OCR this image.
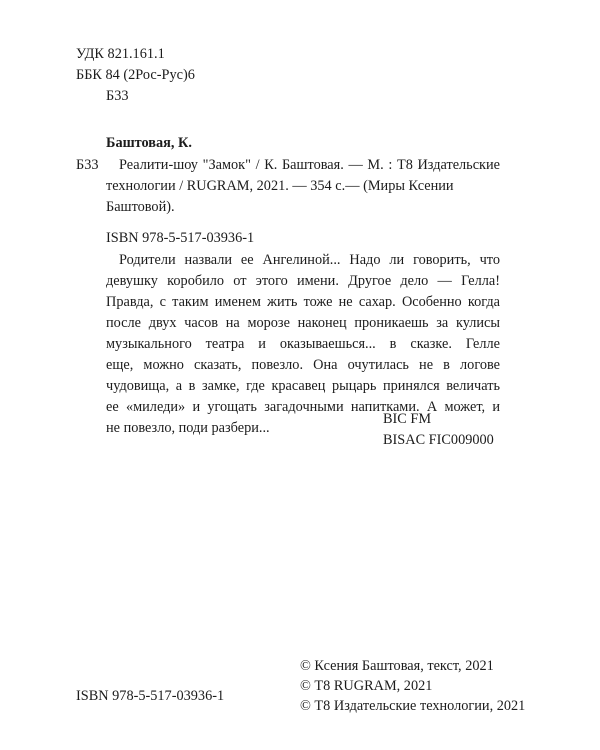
УДК 821.161.1
ББК 84 (2Рос-Рус)6
Б33
Баштовая, К.
Б33 Реалити-шоу "Замок" / К. Баштовая. — М. : Т8 Издательские
технологии / RUGRAM, 2021. — 354 с.— (Миры Ксении
Баштовой).
ISBN 978-5-517-03936-1
Родители назвали ее Ангелиной... Надо ли говорить, что
девушку коробило от этого имени. Другое дело — Гелла!
Правда, с таким именем жить тоже не сахар. Особенно когда
после двух часов на морозе наконец проникаешь за кулисы
музыкального театра и оказываешься... в сказке. Гелле
еще, можно сказать, повезло. Она очутилась не в логове
чудовища, а в замке, где красавец рыцарь принялся величать
ее «миледи» и угощать загадочными напитками. А может, и
не повезло, поди разбери...
BIC FM
BISAC FIC009000
© Ксения Баштовая, текст, 2021
© Т8 RUGRAM, 2021
ISBN 978-5-517-03936-1
© Т8 Издательские технологии, 2021
